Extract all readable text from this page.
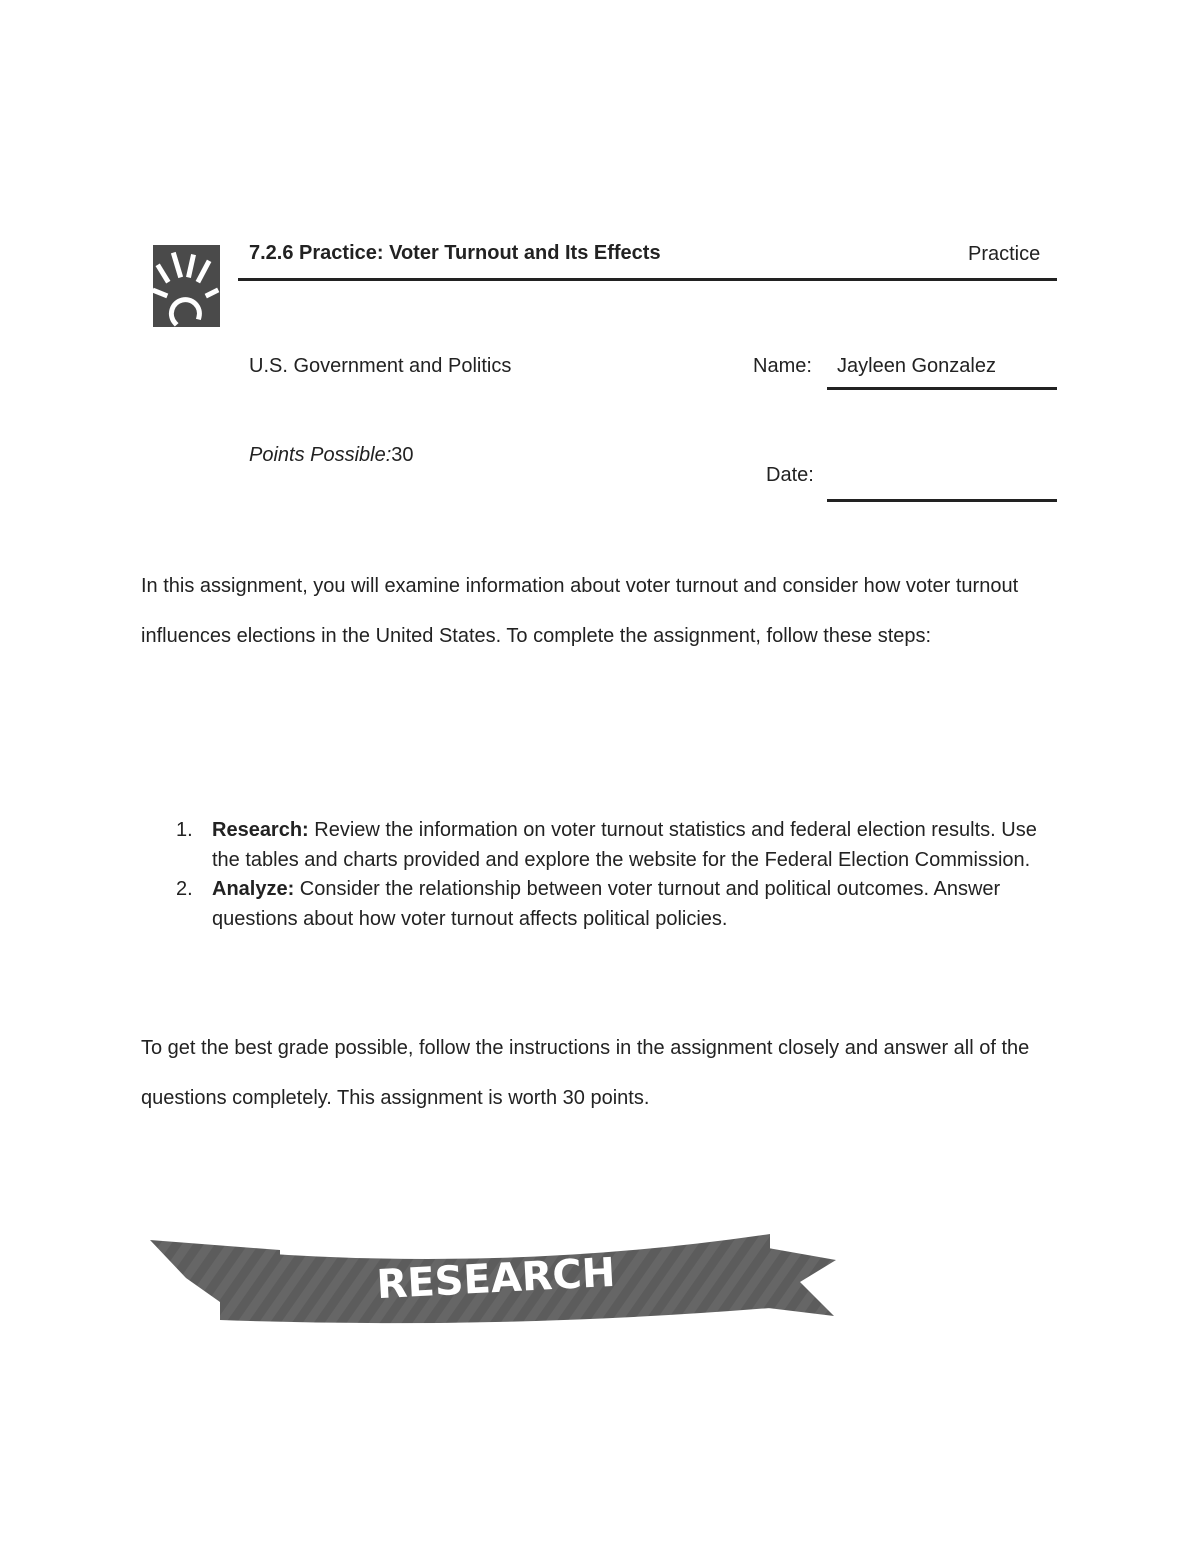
7.2.6 Practice: Voter Turnout and Its Effects	Practice
U.S. Government and Politics	Name: Jayleen Gonzalez
Points Possible:30
Date:
In this assignment, you will examine information about voter turnout and consider how voter turnout influences elections in the United States. To complete the assignment, follow these steps:
1. Research: Review the information on voter turnout statistics and federal election results. Use the tables and charts provided and explore the website for the Federal Election Commission.
2. Analyze: Consider the relationship between voter turnout and political outcomes. Answer questions about how voter turnout affects political policies.
To get the best grade possible, follow the instructions in the assignment closely and answer all of the questions completely. This assignment is worth 30 points.
RESEARCH
